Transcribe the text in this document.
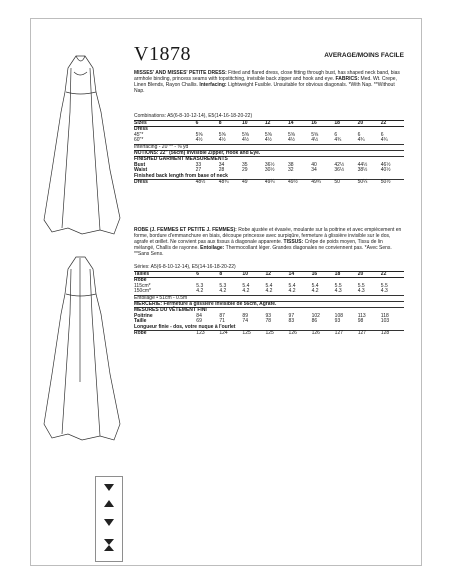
V1878	AVERAGE/MOINS FACILE
MISSES' AND MISSES' PETITE DRESS: Fitted and flared dress, close fitting through bust, has shaped neck band, bias armhole binding, princess seams with topstitching, invisible back zipper and hook and eye. FABRICS: Med. Wt. Crepe, Linen Blends, Rayon Challis. Interfacing: Lightweight Fusible. Unsuitable for obvious diagonals. *With Nap. **Without Nap.
Combinations: A5(6-8-10-12-14), E5(14-16-18-20-22)
Sizes	6	8	10	12	14	16	18	20	22
Dress									
45"*	5⅝	5⅝	5⅝	5⅝	5⅝	5⅝	6	6	6
60"*	4½	4½	4½	4½	4½	4½	4¾	4¾	4¾
Interfacing - 20"** - ⅜ yd									
NOTIONS: 22" (56cm) Invisible Zipper, Hook and Eye.									
FINISHED GARMENT MEASUREMENTS									
Bust	33	34	35	36½	38	40	42½	44½	46½
Waist	27	28	29	30½	32	34	36½	38½	40½
Finished back length from base of neck									
Dress	48½	48¾	49	49¼	49½	49¾	50	50¼	50½
ROBE (J. FEMMES ET PETITE J. FEMMES): Robe ajustée et évasée, moulante sur la poitrine et avec empiècement en forme, bordure d'emmanchure en biais, découpe princesse avec surpiqûre, fermeture à glissière invisible sur le dos, agrafe et œillet. Ne convient pas aux tissus à diagonale apparente. TISSUS: Crêpe de poids moyen, Tissu de lin mélangé, Challis de rayonne. Entoilage: Thermocollant léger. Grandes diagonales ne conviennent pas. *Avec Sens. **Sans Sens.
Séries: A5(6-8-10-12-14), E5(14-16-18-20-22)
Tailles	6	8	10	12	14	16	18	20	22
Robe									
115cm*	5.3	5.3	5.4	5.4	5.4	5.4	5.5	5.5	5.5
150cm*	4.2	4.2	4.2	4.2	4.2	4.2	4.3	4.3	4.3
Entoilage • 51cm - 0.5m									
MERCERIE: Fermeture à glissière invisible de 56cm, Agrafe.									
MESURES DU VÊTEMENT FINI									
Poitrine	84	87	89	93	97	102	108	113	118
Taille	69	71	74	78	83	86	93	98	103
Longueur finie - dos, votre nuque à l'ourlet									
Robe	123	124	125	125	126	126	127	127	128
